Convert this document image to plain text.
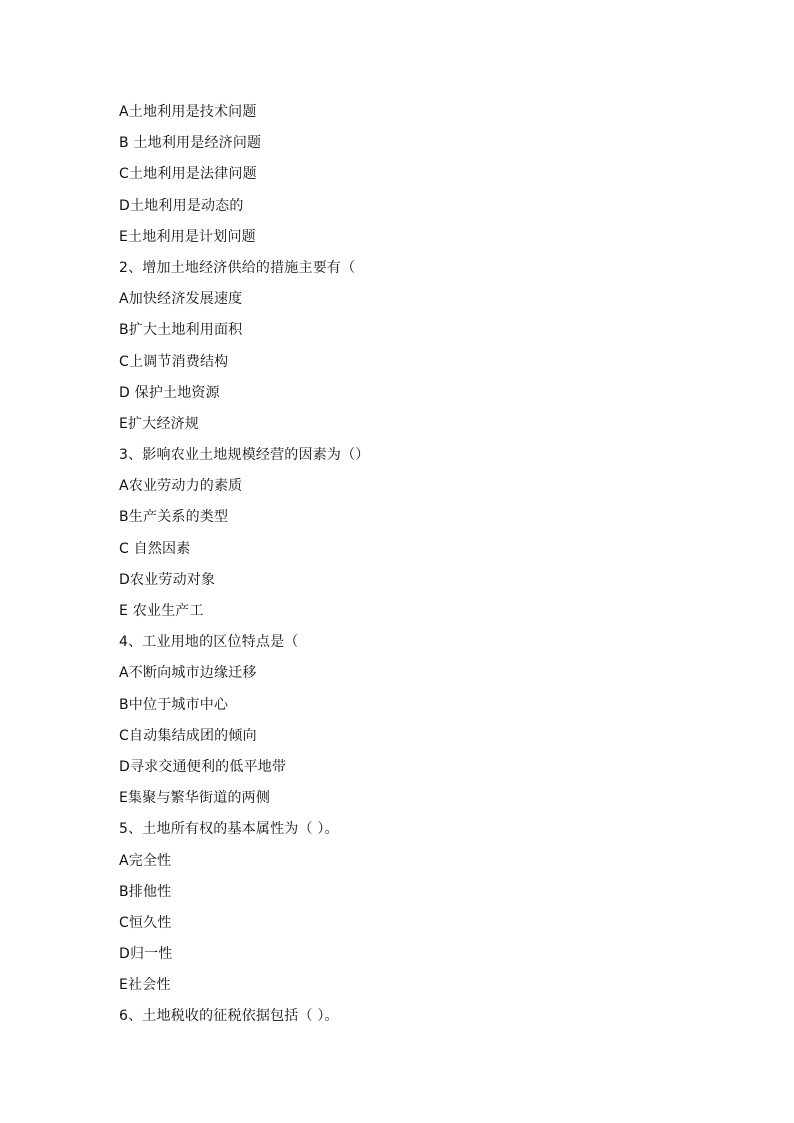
A土地利用是技术问题
B 土地利用是经济问题
C土地利用是法律问题
D土地利用是动态的
E土地利用是计划问题
2、增加土地经济供给的措施主要有（
A加快经济发展速度
B扩大土地利用面积
C上调节消费结构
D 保护土地资源
E扩大经济规
3、影响农业土地规模经营的因素为（）
A农业劳动力的素质
B生产关系的类型
C 自然因素
D农业劳动对象
E 农业生产工
4、工业用地的区位特点是（
A不断向城市边缘迁移
B中位于城市中心
C自动集结成团的倾向
D寻求交通便利的低平地带
E集聚与繁华街道的两侧
5、土地所有权的基本属性为（ ）。
A完全性
B排他性
C恒久性
D归一性
E社会性
6、土地税收的征税依据包括（ ）。
